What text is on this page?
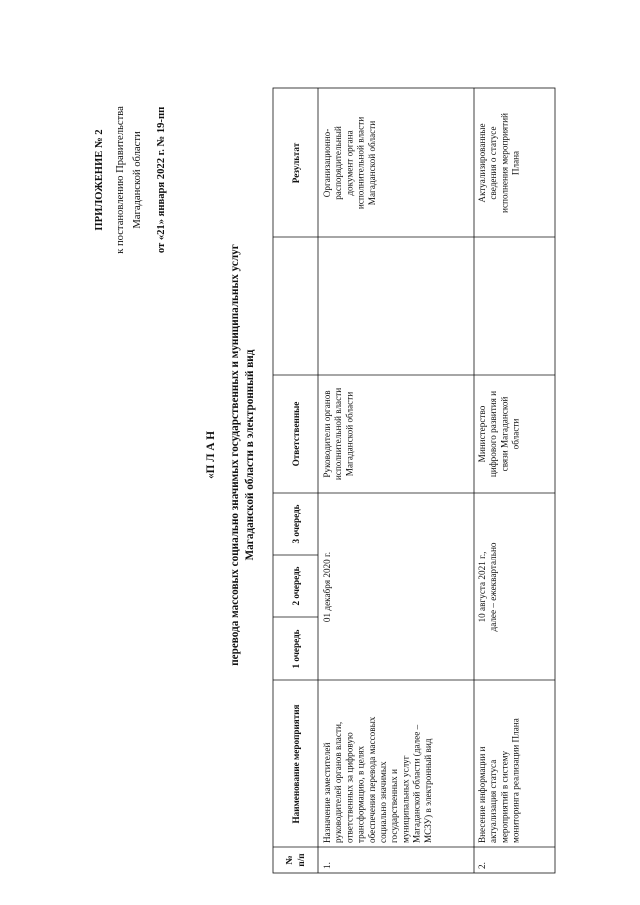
ПРИЛОЖЕНИЕ № 2 к постановлению Правительства Магаданской области от «21» января 2022 г. № 19-пп
«П Л А Н перевода массовых социально значимых государственных и муниципальных услуг Магаданской области в электронный вид
№ п/п
Наименование мероприятия
1 очередь
2 очередь
3 очередь
Ответственные
Результат
1.
Назначение заместителей руководителей органов власти, ответственных за цифровую трансформацию, в целях обеспечения перевода массовых социально значимых государственных и муниципальных услуг Магаданской области (далее – МСЗУ) в электронный вид
01 декабря 2020 г.
Руководители органов исполнительной власти Магаданской области
Организационно- распорядительный документ органа исполнительной власти Магаданской области
2.
Внесение информации и актуализация статуса мероприятий в систему мониторинга реализации Плана
10 августа 2021 г., далее – ежеквартально
Министерство цифрового развития и связи Магаданской области
Актуализированные сведения о статусе исполнения мероприятий Плана
